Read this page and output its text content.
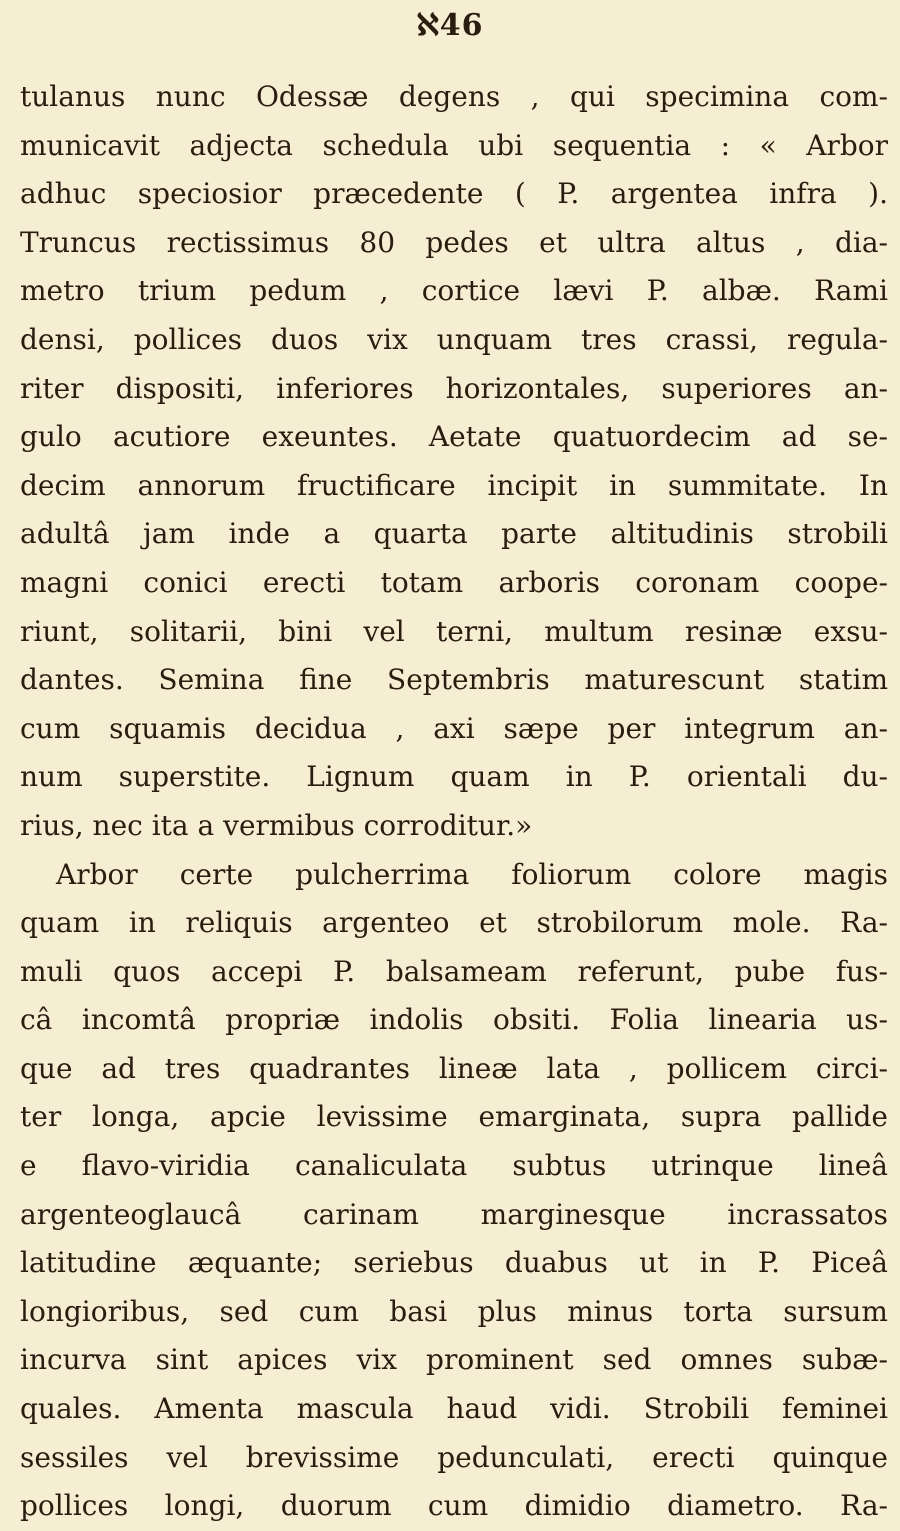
ℵ46
tulanus nunc Odessæ degens , qui specimina com-
municavit adjecta schedula ubi sequentia : « Arbor
adhuc speciosior præcedente ( P. argentea infra ).
Truncus rectissimus 80 pedes et ultra altus , dia-
metro trium pedum , cortice lævi P. albæ. Rami
densi, pollices duos vix unquam tres crassi, regula-
riter dispositi, inferiores horizontales, superiores an-
gulo acutiore exeuntes. Aetate quatuordecim ad se-
decim annorum fructificare incipit in summitate. In
adultâ jam inde a quarta parte altitudinis strobili
magni conici erecti totam arboris coronam coope-
riunt, solitarii, bini vel terni, multum resinæ exsu-
dantes. Semina fine Septembris maturescunt statim
cum squamis decidua , axi sæpe per integrum an-
num superstite. Lignum quam in P. orientali du-
rius, nec ita a vermibus corroditur.»
Arbor certe pulcherrima foliorum colore magis
quam in reliquis argenteo et strobilorum mole. Ra-
muli quos accepi P. balsameam referunt, pube fus-
câ incomtâ propriæ indolis obsiti. Folia linearia us-
que ad tres quadrantes lineæ lata , pollicem circi-
ter longa, apcie levissime emarginata, supra pallide
e flavo-viridia canaliculata subtus utrinque lineâ
argenteoglaucâ carinam marginesque incrassatos
latitudine æquante; seriebus duabus ut in P. Piceâ
longioribus, sed cum basi plus minus torta sursum
incurva sint apices vix prominent sed omnes subæ-
quales. Amenta mascula haud vidi. Strobili feminei
sessiles vel brevissime pedunculati, erecti quinque
pollices longi, duorum cum dimidio diametro. Ra-
